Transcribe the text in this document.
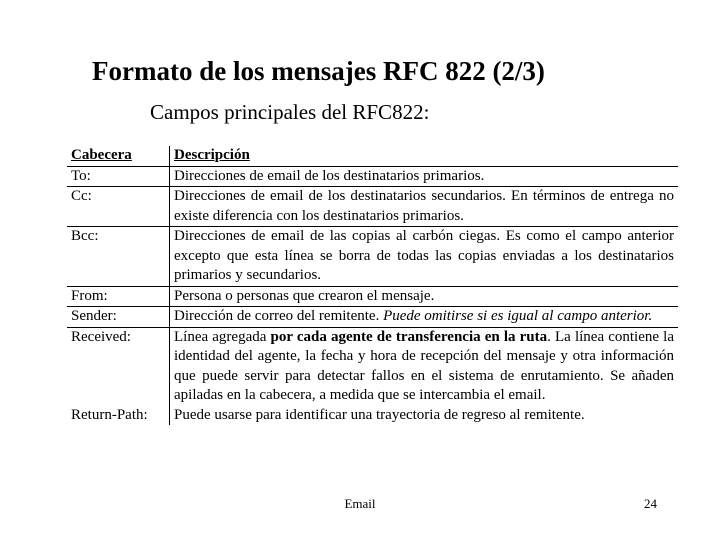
Formato de los mensajes RFC 822 (2/3)
Campos principales del RFC822:
Cabecera	Descripción
To:	Direcciones de email de los destinatarios primarios.
Cc:	Direcciones de email de los destinatarios secundarios. En términos de entrega no existe diferencia con los destinatarios primarios.
Bcc:	Direcciones de email de las copias al carbón ciegas. Es como el campo anterior excepto que esta línea se borra de todas las copias enviadas a los destinatarios primarios y secundarios.
From:	Persona o personas que crearon el mensaje.
Sender:	Dirección de correo del remitente. Puede omitirse si es igual al campo anterior.
Received:	Línea agregada por cada agente de transferencia en la ruta. La línea contiene la identidad del agente, la fecha y hora de recepción del mensaje y otra información que puede servir para detectar fallos en el sistema de enrutamiento. Se añaden apiladas en la cabecera, a medida que se intercambia el email.
Return-Path:	Puede usarse para identificar una trayectoria de regreso al remitente.
Email	24
